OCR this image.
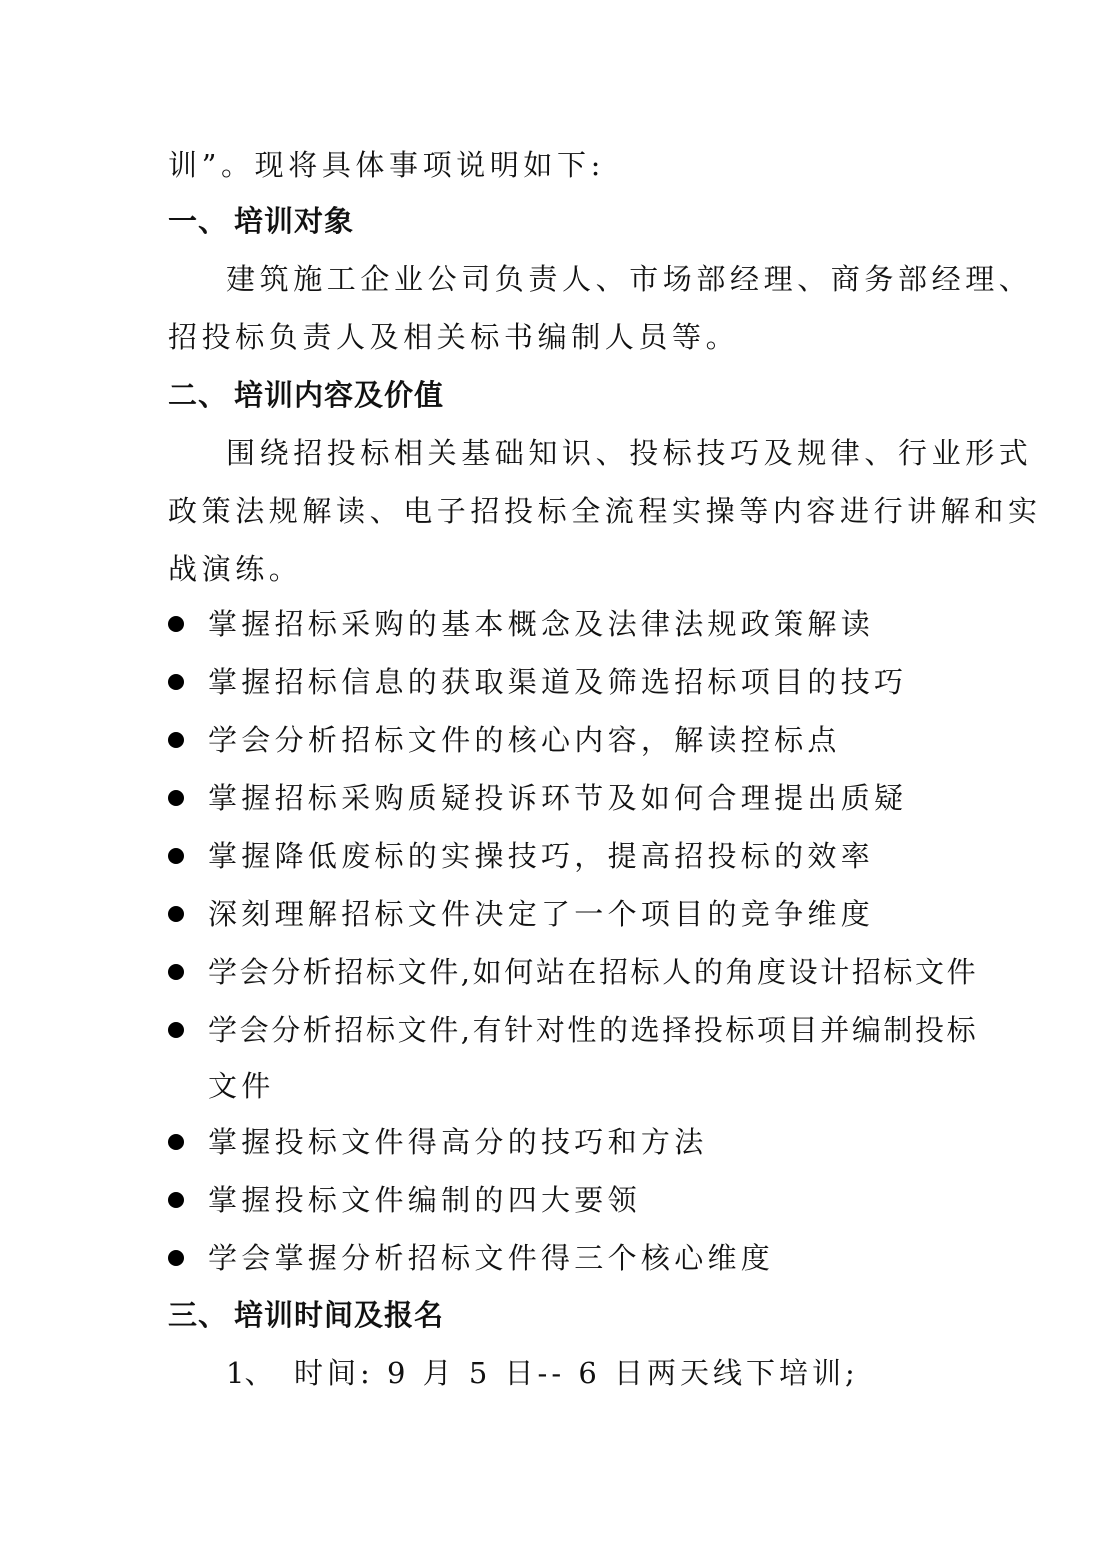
训”。现将具体事项说明如下:
一、 培训对象
建筑施工企业公司负责人、市场部经理、商务部经理、
招投标负责人及相关标书编制人员等。
二、 培训内容及价值
围绕招投标相关基础知识、投标技巧及规律、行业形式
政策法规解读、电子招投标全流程实操等内容进行讲解和实
战演练。
掌握招标采购的基本概念及法律法规政策解读
掌握招标信息的获取渠道及筛选招标项目的技巧
学会分析招标文件的核心内容，解读控标点
掌握招标采购质疑投诉环节及如何合理提出质疑
掌握降低废标的实操技巧，提高招投标的效率
深刻理解招标文件决定了一个项目的竞争维度
学会分析招标文件,如何站在招标人的角度设计招标文件
学会分析招标文件,有针对性的选择投标项目并编制投标
文件
掌握投标文件得高分的技巧和方法
掌握投标文件编制的四大要领
学会掌握分析招标文件得三个核心维度
三、 培训时间及报名
1、 时间: 9 月 5 日-- 6 日两天线下培训;
